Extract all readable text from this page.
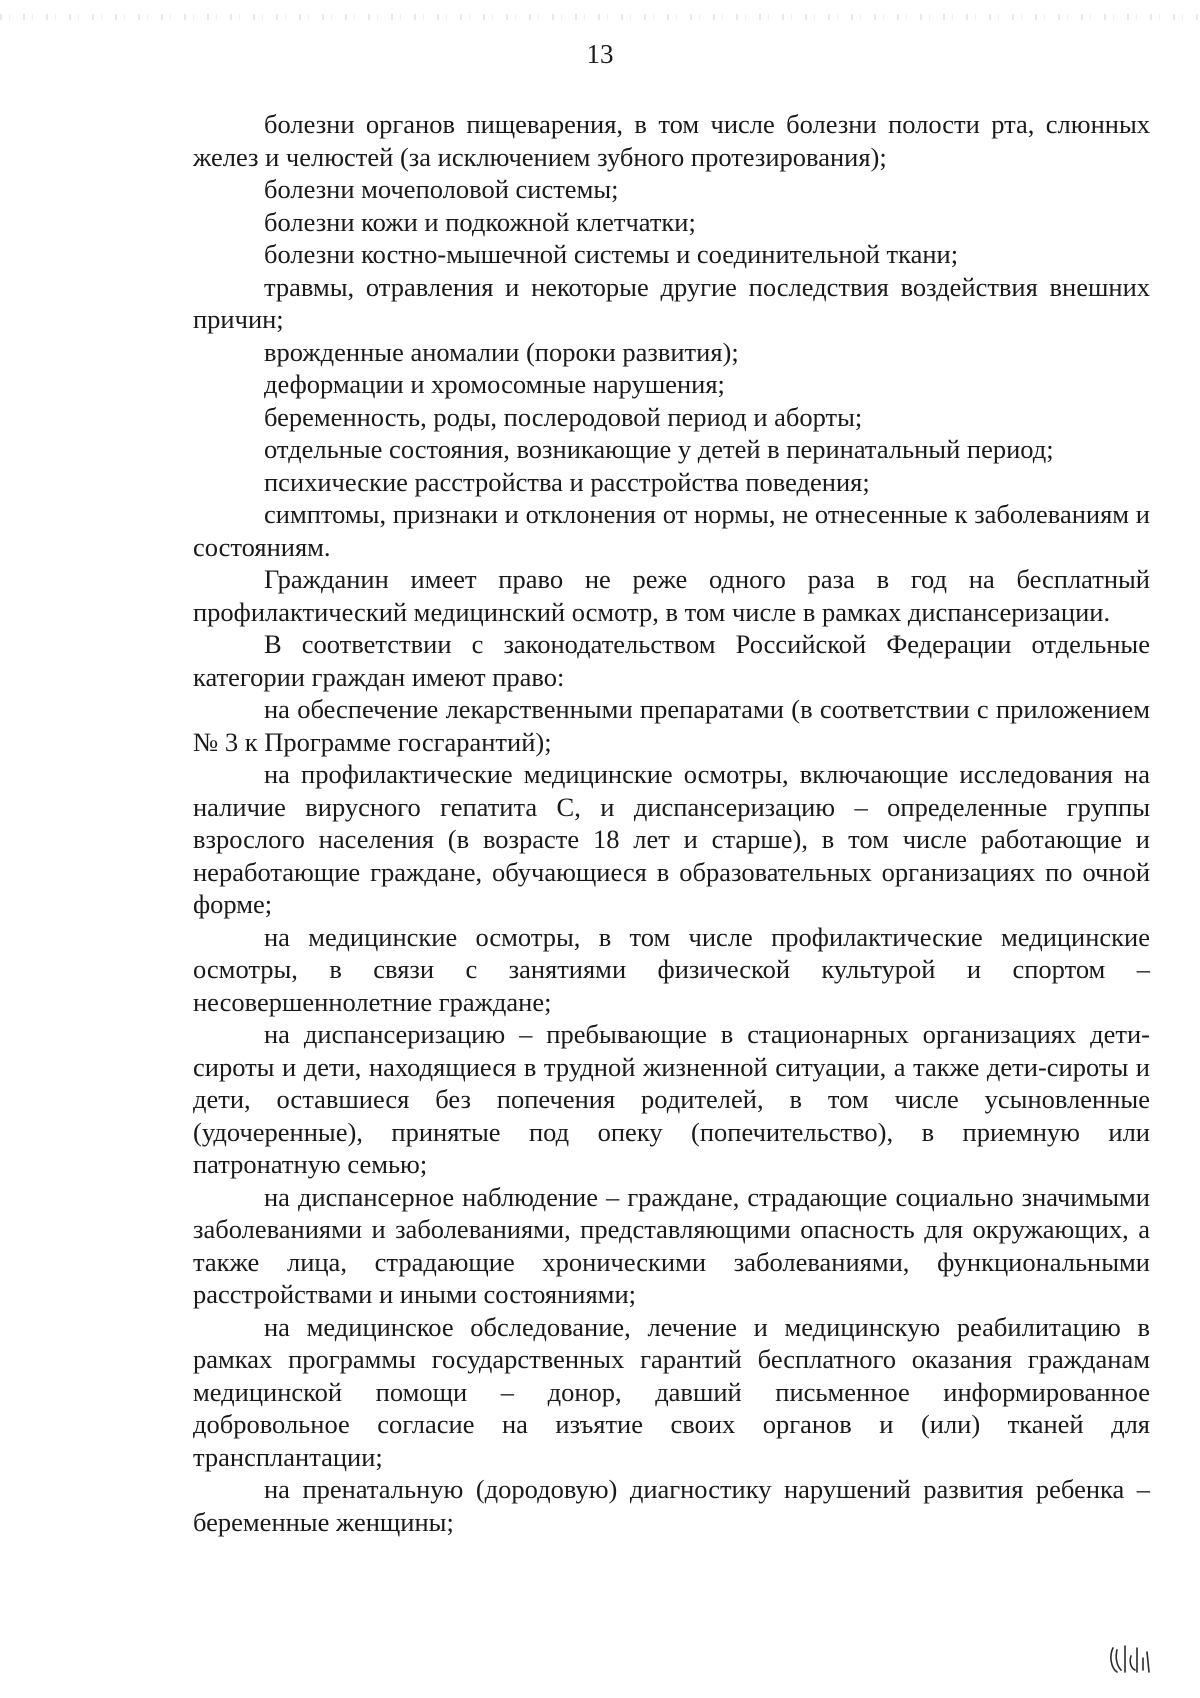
13

болезни органов пищеварения, в том числе болезни полости рта, слюнных желез и челюстей (за исключением зубного протезирования);

болезни мочеполовой системы;

болезни кожи и подкожной клетчатки;

болезни костно-мышечной системы и соединительной ткани;

травмы, отравления и некоторые другие последствия воздействия внешних причин;

врожденные аномалии (пороки развития);

деформации и хромосомные нарушения;

беременность, роды, послеродовой период и аборты;

отдельные состояния, возникающие у детей в перинатальный период;

психические расстройства и расстройства поведения;

симптомы, признаки и отклонения от нормы, не отнесенные к заболеваниям и состояниям.

Гражданин имеет право не реже одного раза в год на бесплатный профилактический медицинский осмотр, в том числе в рамках диспансеризации.

В соответствии с законодательством Российской Федерации отдельные категории граждан имеют право:

на обеспечение лекарственными препаратами (в соответствии с приложением № 3 к Программе госгарантий);

на профилактические медицинские осмотры, включающие исследования на наличие вирусного гепатита С, и диспансеризацию – определенные группы взрослого населения (в возрасте 18 лет и старше), в том числе работающие и неработающие граждане, обучающиеся в образовательных организациях по очной форме;

на медицинские осмотры, в том числе профилактические медицинские осмотры, в связи с занятиями физической культурой и спортом – несовершеннолетние граждане;

на диспансеризацию – пребывающие в стационарных организациях дети-сироты и дети, находящиеся в трудной жизненной ситуации, а также дети-сироты и дети, оставшиеся без попечения родителей, в том числе усыновленные (удочеренные), принятые под опеку (попечительство), в приемную или патронатную семью;

на диспансерное наблюдение – граждане, страдающие социально значимыми заболеваниями и заболеваниями, представляющими опасность для окружающих, а также лица, страдающие хроническими заболеваниями, функциональными расстройствами и иными состояниями;

на медицинское обследование, лечение и медицинскую реабилитацию в рамках программы государственных гарантий бесплатного оказания гражданам медицинской помощи – донор, давший письменное информированное добровольное согласие на изъятие своих органов и (или) тканей для трансплантации;

на пренатальную (дородовую) диагностику нарушений развития ребенка – беременные женщины;
